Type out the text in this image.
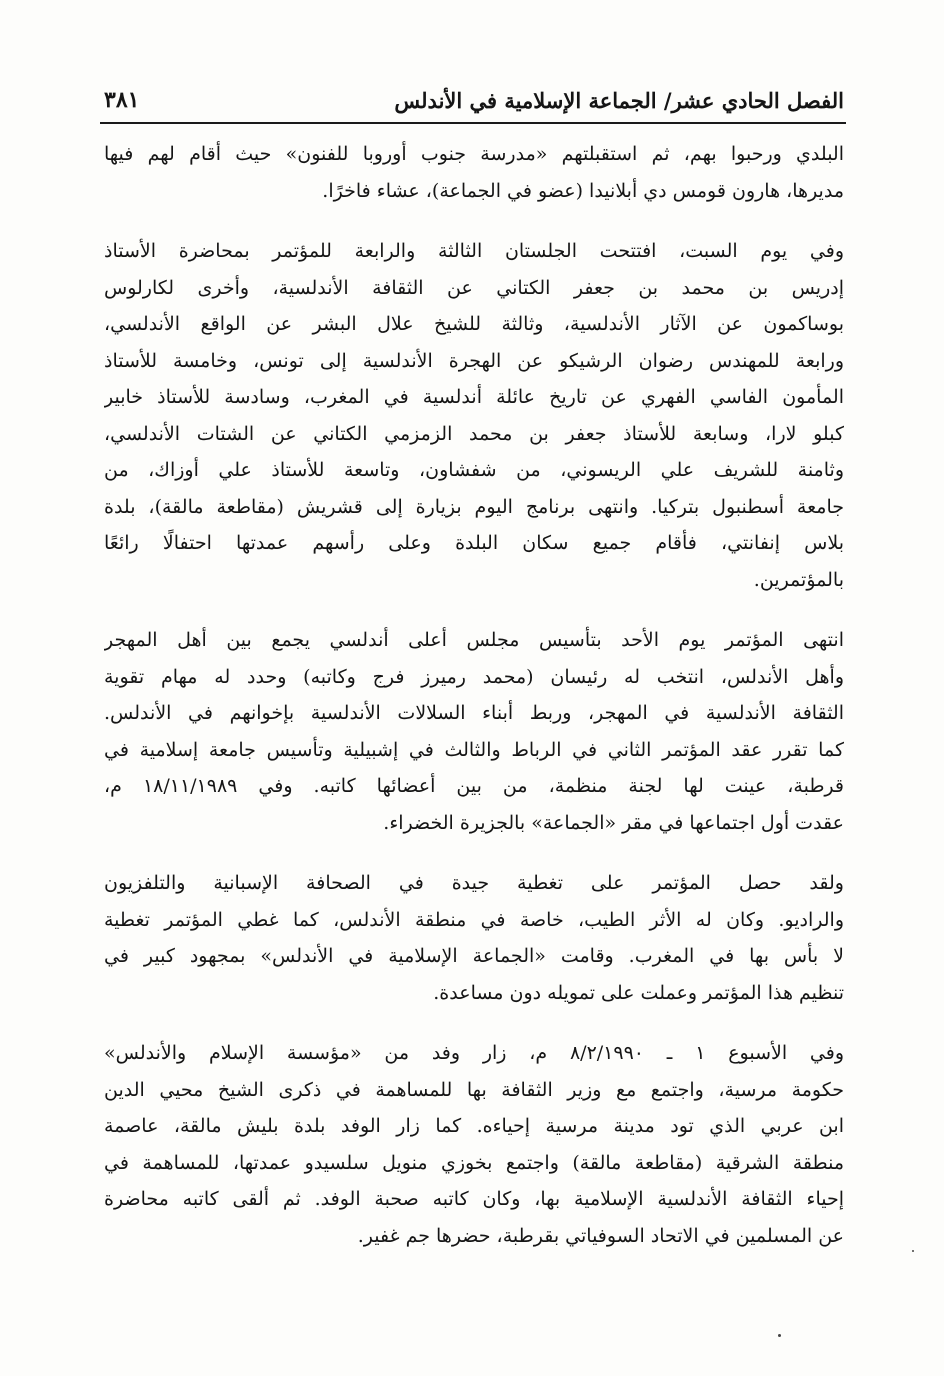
الفصل الحادي عشر/ الجماعة الإسلامية في الأندلس
٣٨١
البلدي ورحبوا بهم، ثم استقبلتهم «مدرسة جنوب أوروبا للفنون» حيث أقام لهم فيها
مديرها، هارون قومس دي أبلانيدا (عضو في الجماعة)، عشاء فاخرًا.
وفي يوم السبت، افتتحت الجلستان الثالثة والرابعة للمؤتمر بمحاضرة الأستاذ
إدريس بن محمد بن جعفر الكتاني عن الثقافة الأندلسية، وأخرى لكارلوس
بوساكمون عن الآثار الأندلسية، وثالثة للشيخ علال البشر عن الواقع الأندلسي،
ورابعة للمهندس رضوان الرشيكو عن الهجرة الأندلسية إلى تونس، وخامسة للأستاذ
المأمون الفاسي الفهري عن تاريخ عائلة أندلسية في المغرب، وسادسة للأستاذ خابير
كبلو لارا، وسابعة للأستاذ جعفر بن محمد الزمزمي الكتاني عن الشتات الأندلسي،
وثامنة للشريف علي الريسوني، من شفشاون، وتاسعة للأستاذ علي أوزاك، من
جامعة أسطنبول بتركيا. وانتهى برنامج اليوم بزيارة إلى قشريش (مقاطعة مالقة)، بلدة
بلاس إنفانتي، فأقام جميع سكان البلدة وعلى رأسهم عمدتها احتفالًا رائعًا
بالمؤتمرين.
انتهى المؤتمر يوم الأحد بتأسيس مجلس أعلى أندلسي يجمع بين أهل المهجر
وأهل الأندلس، انتخب له رئيسان (محمد رميرز فرج وكاتبه) وحدد له مهام تقوية
الثقافة الأندلسية في المهجر، وربط أبناء السلالات الأندلسية بإخوانهم في الأندلس.
كما تقرر عقد المؤتمر الثاني في الرباط والثالث في إشبيلية وتأسيس جامعة إسلامية في
قرطبة، عينت لها لجنة منظمة، من بين أعضائها كاتبه. وفي ١٨/١١/١٩٨٩ م،
عقدت أول اجتماعها في مقر «الجماعة» بالجزيرة الخضراء.
ولقد حصل المؤتمر على تغطية جيدة في الصحافة الإسبانية والتلفزيون
والراديو. وكان له الأثر الطيب، خاصة في منطقة الأندلس، كما غطي المؤتمر تغطية
لا بأس بها في المغرب. وقامت «الجماعة الإسلامية في الأندلس» بمجهود كبير في
تنظيم هذا المؤتمر وعملت على تمويله دون مساعدة.
وفي الأسبوع ١ ـ ٨/٢/١٩٩٠ م، زار وفد من «مؤسسة الإسلام والأندلس»
حكومة مرسية، واجتمع مع وزير الثقافة بها للمساهمة في ذكرى الشيخ محيي الدين
ابن عربي الذي تود مدينة مرسية إحياءه. كما زار الوفد بلدة بليش مالقة، عاصمة
منطقة الشرقية (مقاطعة مالقة) واجتمع بخوزي منويل سلسيدو عمدتها، للمساهمة في
إحياء الثقافة الأندلسية الإسلامية بها، وكان كاتبه صحبة الوفد. ثم ألقى كاتبه محاضرة
عن المسلمين في الاتحاد السوفياتي بقرطبة، حضرها جم غفير.
